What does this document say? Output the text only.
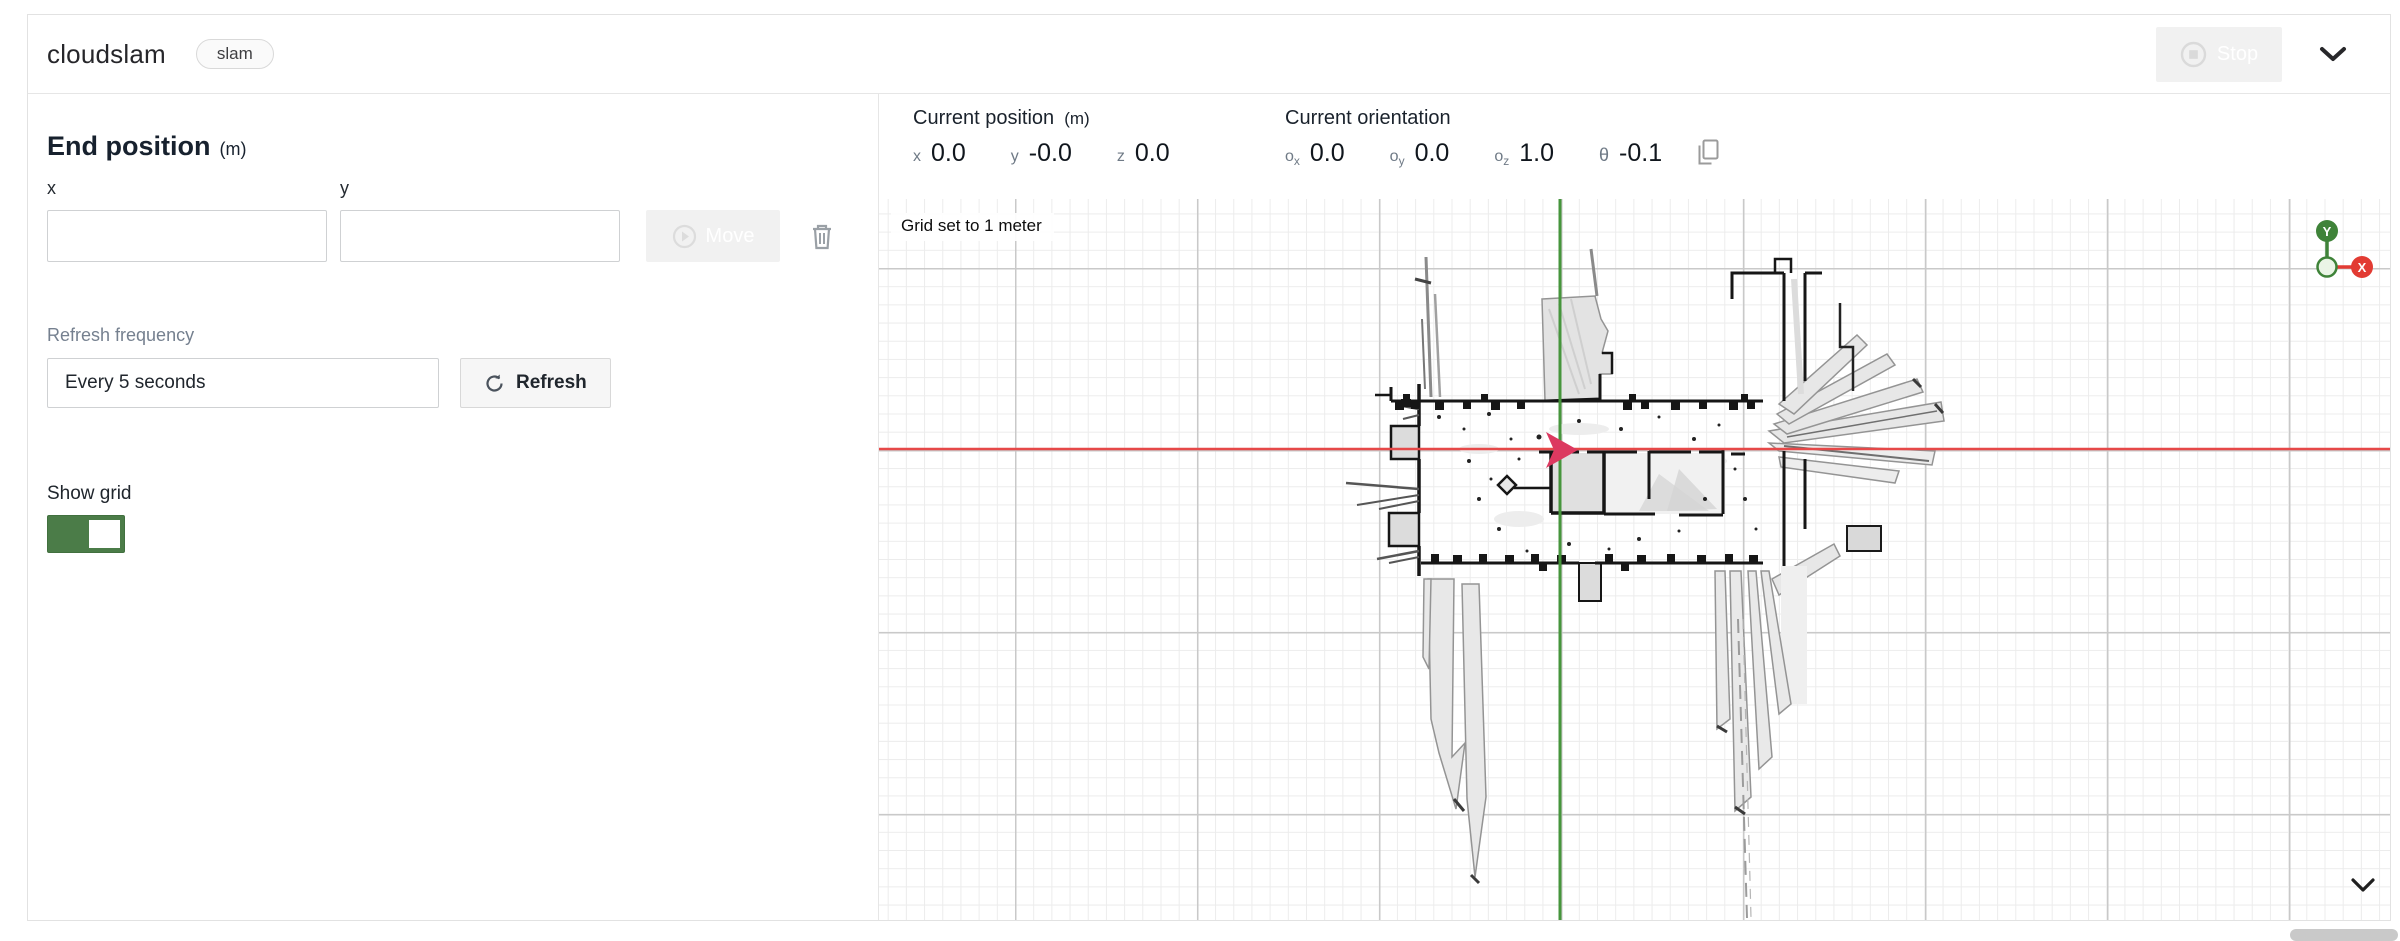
cloudslam	slam	Stop
End position (m)
x	y
Move
Refresh frequency
Every 5 seconds	Refresh
Show grid
Current position (m)
x 0.0	y -0.0	z 0.0
Current orientation
$o_x$ 0.0	$o_y$ 0.0	$o_z$ 1.0	θ -0.1
Grid set to 1 meter	Y
X
